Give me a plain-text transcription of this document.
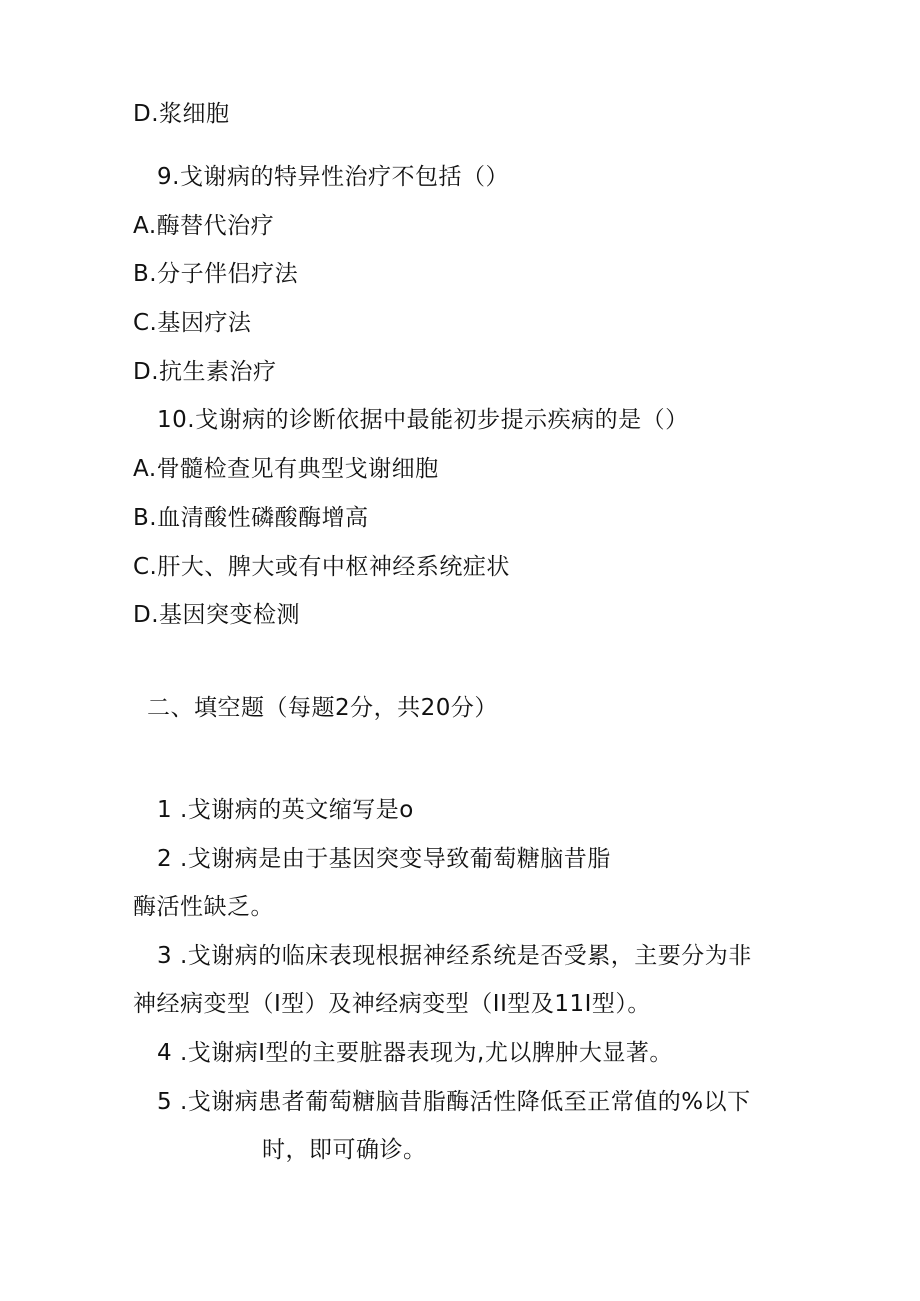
D.浆细胞
9.戈谢病的特异性治疗不包括（）
A.酶替代治疗
B.分子伴侣疗法
C.基因疗法
D.抗生素治疗
10.戈谢病的诊断依据中最能初步提示疾病的是（）
A.骨髓检查见有典型戈谢细胞
B.血清酸性磷酸酶增高
C.肝大、脾大或有中枢神经系统症状
D.基因突变检测
二、填空题（每题2分，共20分）
1 .戈谢病的英文缩写是o
2 .戈谢病是由于基因突变导致葡萄糖脑昔脂
酶活性缺乏。
3 .戈谢病的临床表现根据神经系统是否受累，主要分为非
神经病变型（I型）及神经病变型（II型及11I型）。
4 .戈谢病I型的主要脏器表现为,尤以脾肿大显著。
5 .戈谢病患者葡萄糖脑昔脂酶活性降低至正常值的%以下
时，即可确诊。
